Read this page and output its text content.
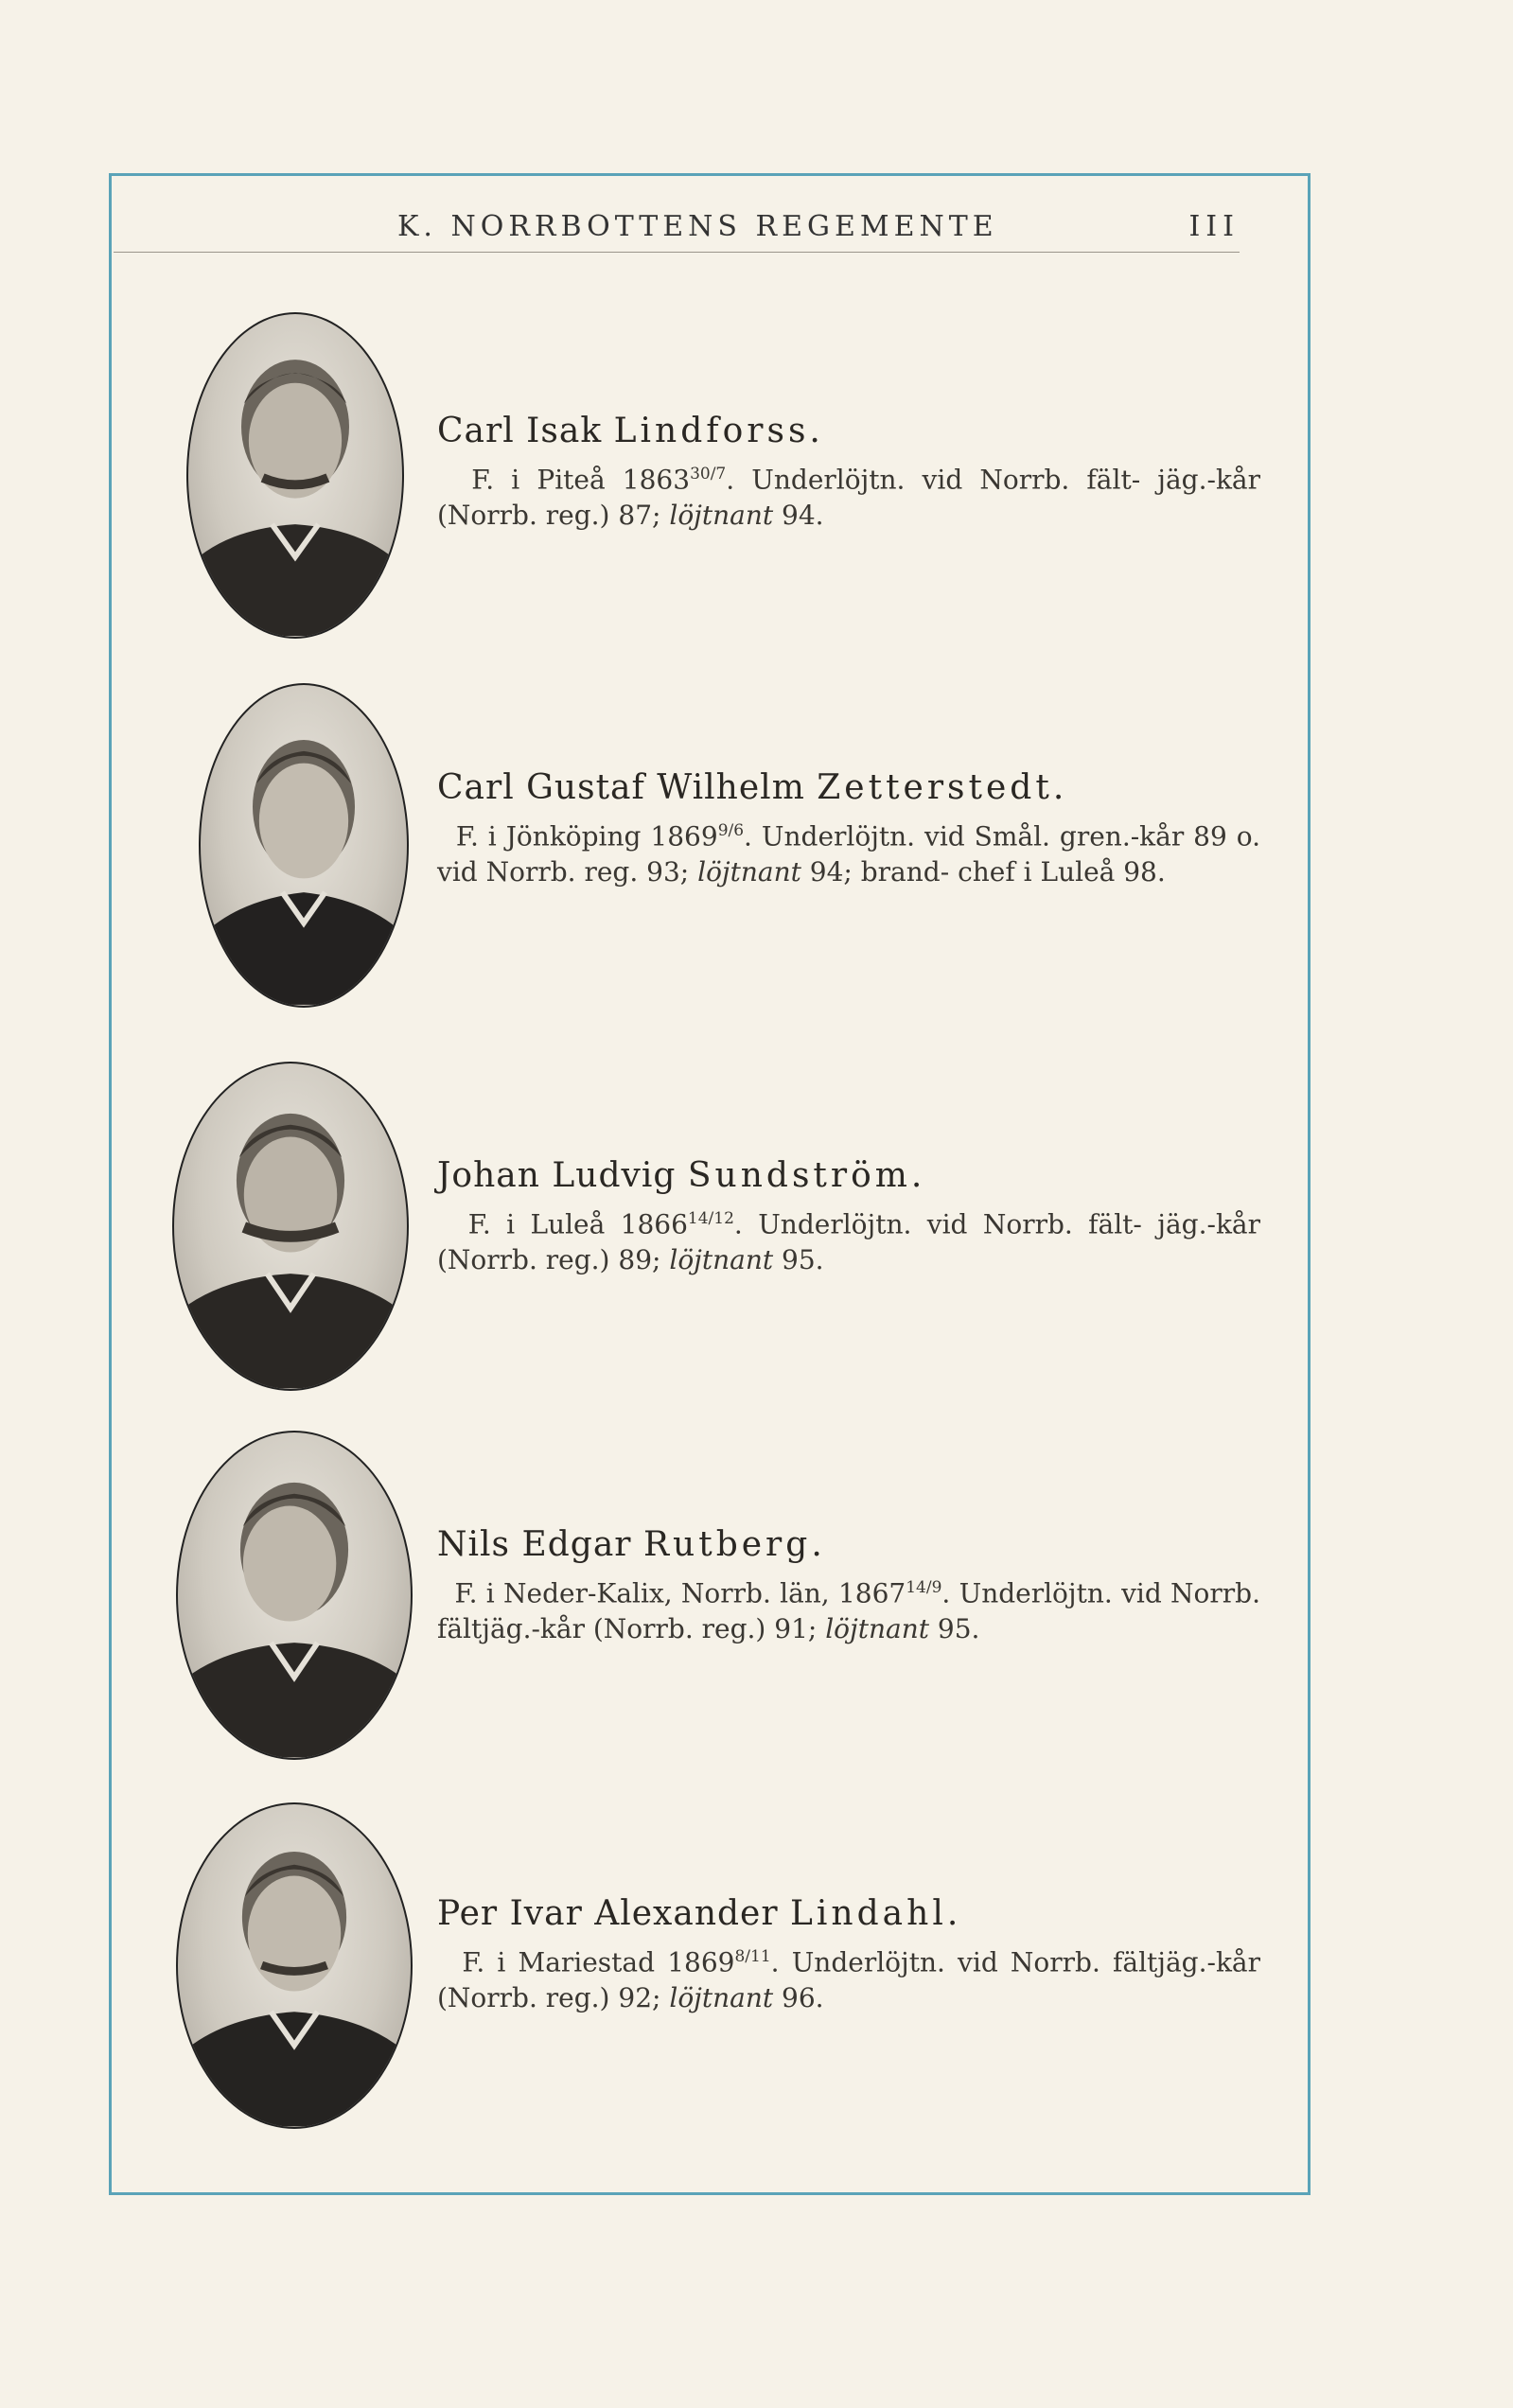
K. NORRBOTTENS REGEMENTE	III
Carl Isak Lindforss.
F. i Piteå $1863^{30/7}$. Underlöjtn. vid Norrb. fält- jäg.-kår (Norrb. reg.) 87; löjtnant 94.
Carl Gustaf Wilhelm Zetterstedt.
F. i Jönköping $1869^{9/6}$. Underlöjtn. vid Smål. gren.-kår 89 o. vid Norrb. reg. 93; löjtnant 94; brand- chef i Luleå 98.
Johan Ludvig Sundström.
F. i Luleå $1866^{14/12}$. Underlöjtn. vid Norrb. fält- jäg.-kår (Norrb. reg.) 89; löjtnant 95.
Nils Edgar Rutberg.
F. i Neder-Kalix, Norrb. län, $1867^{14/9}$. Underlöjtn. vid Norrb. fältjäg.-kår (Norrb. reg.) 91; löjtnant 95.
Per Ivar Alexander Lindahl.
F. i Mariestad $1869^{8/11}$. Underlöjtn. vid Norrb. fältjäg.-kår (Norrb. reg.) 92; löjtnant 96.
